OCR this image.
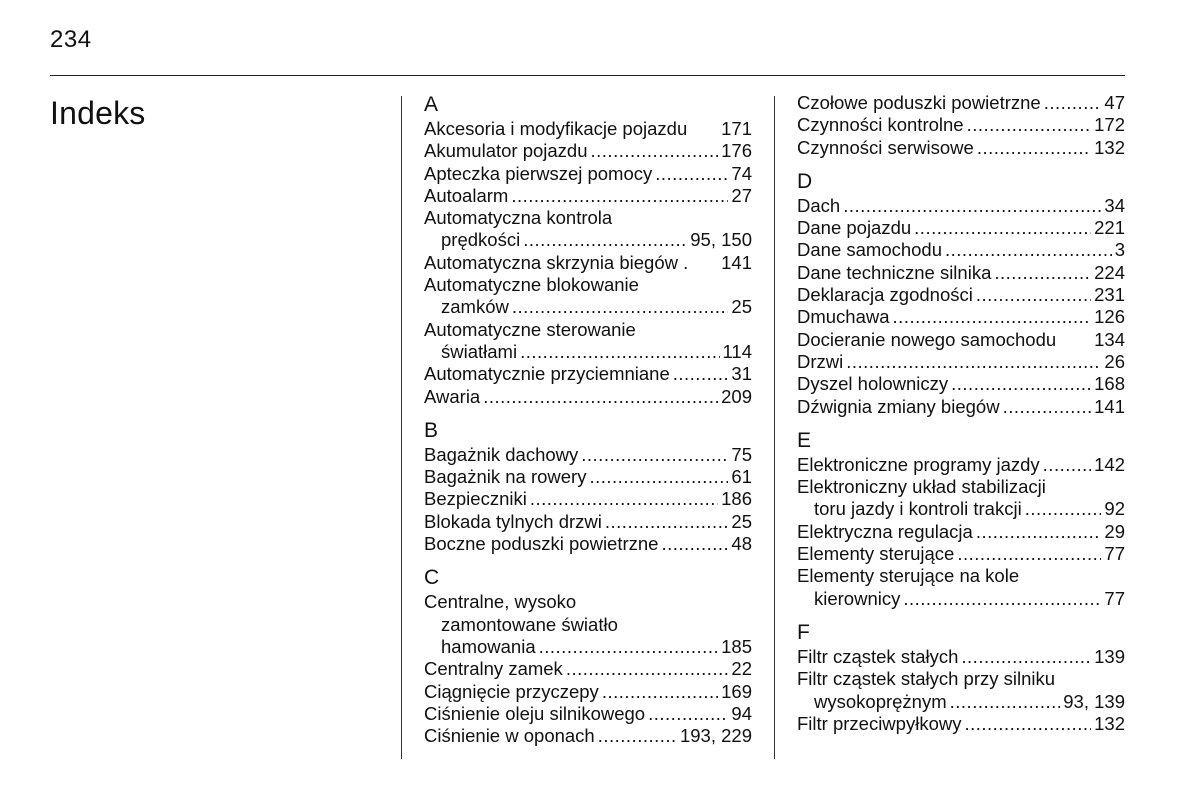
234
Indeks	A
Akcesoria i modyfikacje pojazdu 171
Akumulator pojazdu .....	176
Apteczka pierwszej pomocy .....	74
Autoalarm .....	27
Automatyczna kontrola
prędkości .....	95, 150
Automatyczna skrzynia biegów . 141
Automatyczne blokowanie
zamków .....	25
Automatyczne sterowanie
światłami .....	114
Automatycznie przyciemniane .....	31
Awaria .....	209
B
Bagażnik dachowy .....	75
Bagażnik na rowery .....	61
Bezpieczniki .....	186
Blokada tylnych drzwi .....	25
Boczne poduszki powietrzne .....	48
C
Centralne, wysoko
zamontowane światło
hamowania .....	185
Centralny zamek .....	22
Ciągnięcie przyczepy .....	169
Ciśnienie oleju silnikowego .....	94
Ciśnienie w oponach .....	193, 229
Czołowe poduszki powietrzne .....	47
Czynności kontrolne .....	172
Czynności serwisowe .....	132
D
Dach .....	34
Dane pojazdu .....	221
Dane samochodu .....	3
Dane techniczne silnika .....	224
Deklaracja zgodności .....	231
Dmuchawa .....	126
Docieranie nowego samochodu 134
Drzwi .....	26
Dyszel holowniczy .....	168
Dźwignia zmiany biegów .....	141
E
Elektroniczne programy jazdy .....	142
Elektroniczny układ stabilizacji
toru jazdy i kontroli trakcji .....	92
Elektryczna regulacja .....	29
Elementy sterujące .....	77
Elementy sterujące na kole
kierownicy .....	77
F
Filtr cząstek stałych .....	139
Filtr cząstek stałych przy silniku
wysokoprężnym .....	93, 139
Filtr przeciwpyłkowy .....	132
